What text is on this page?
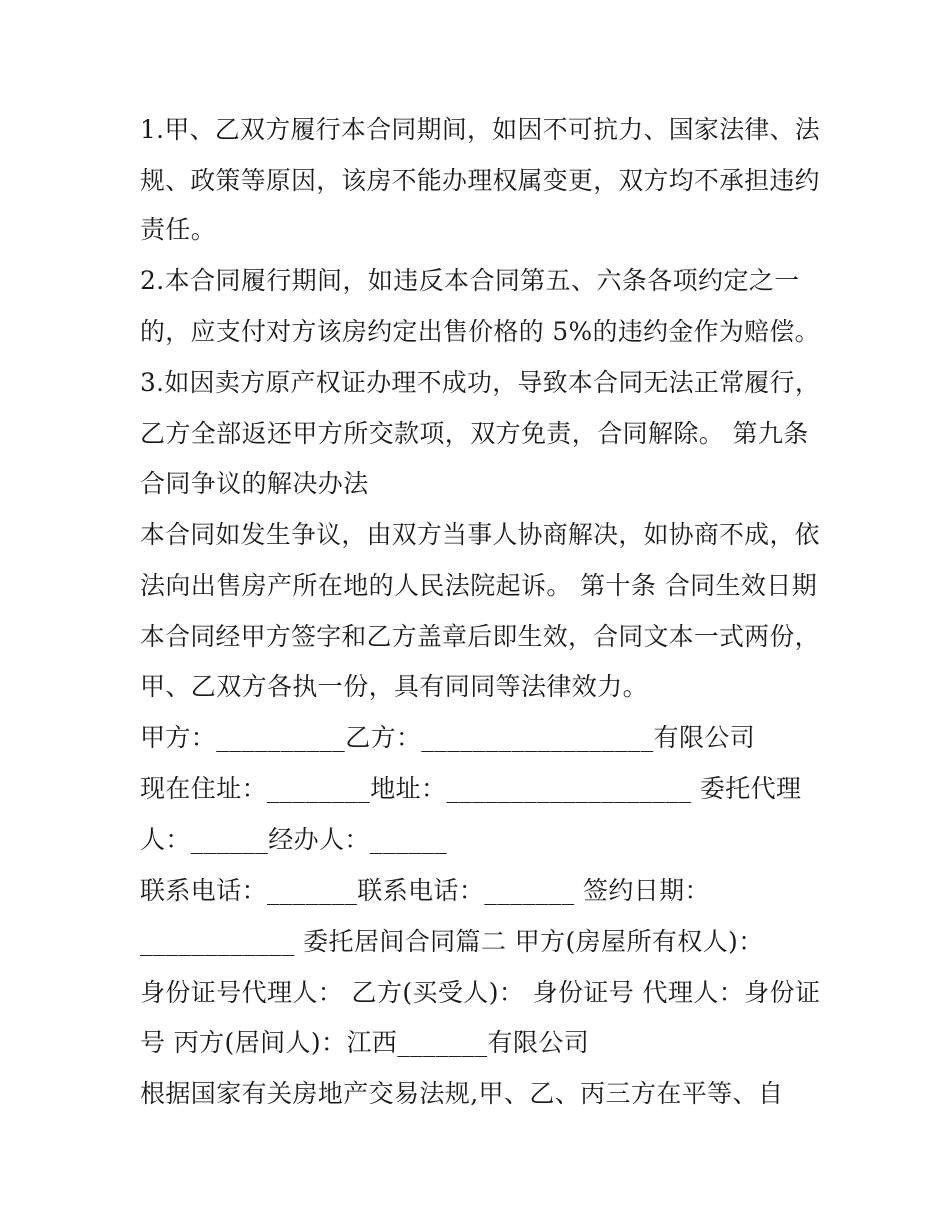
1.甲、乙双方履行本合同期间，如因不可抗力、国家法律、法

规、政策等原因，该房不能办理权属变更，双方均不承担违约

责任。

2.本合同履行期间，如违反本合同第五、六条各项约定之一

的，应支付对方该房约定出售价格的 5%的违约金作为赔偿。

3.如因卖方原产权证办理不成功，导致本合同无法正常履行，

乙方全部返还甲方所交款项，双方免责，合同解除。 第九条

合同争议的解决办法

本合同如发生争议，由双方当事人协商解决，如协商不成，依

法向出售房产所在地的人民法院起诉。 第十条 合同生效日期

本合同经甲方签字和乙方盖章后即生效，合同文本一式两份，

甲、乙双方各执一份，具有同同等法律效力。

甲方：__________乙方：__________________有限公司

现在住址：________地址：___________________ 委托代理

人：______经办人：______

联系电话：_______联系电话：_______ 签约日期：

____________ 委托居间合同篇二 甲方(房屋所有权人)：

身份证号代理人： 乙方(买受人)： 身份证号 代理人：身份证

号 丙方(居间人)：江西_______有限公司

根据国家有关房地产交易法规,甲、乙、丙三方在平等、自
